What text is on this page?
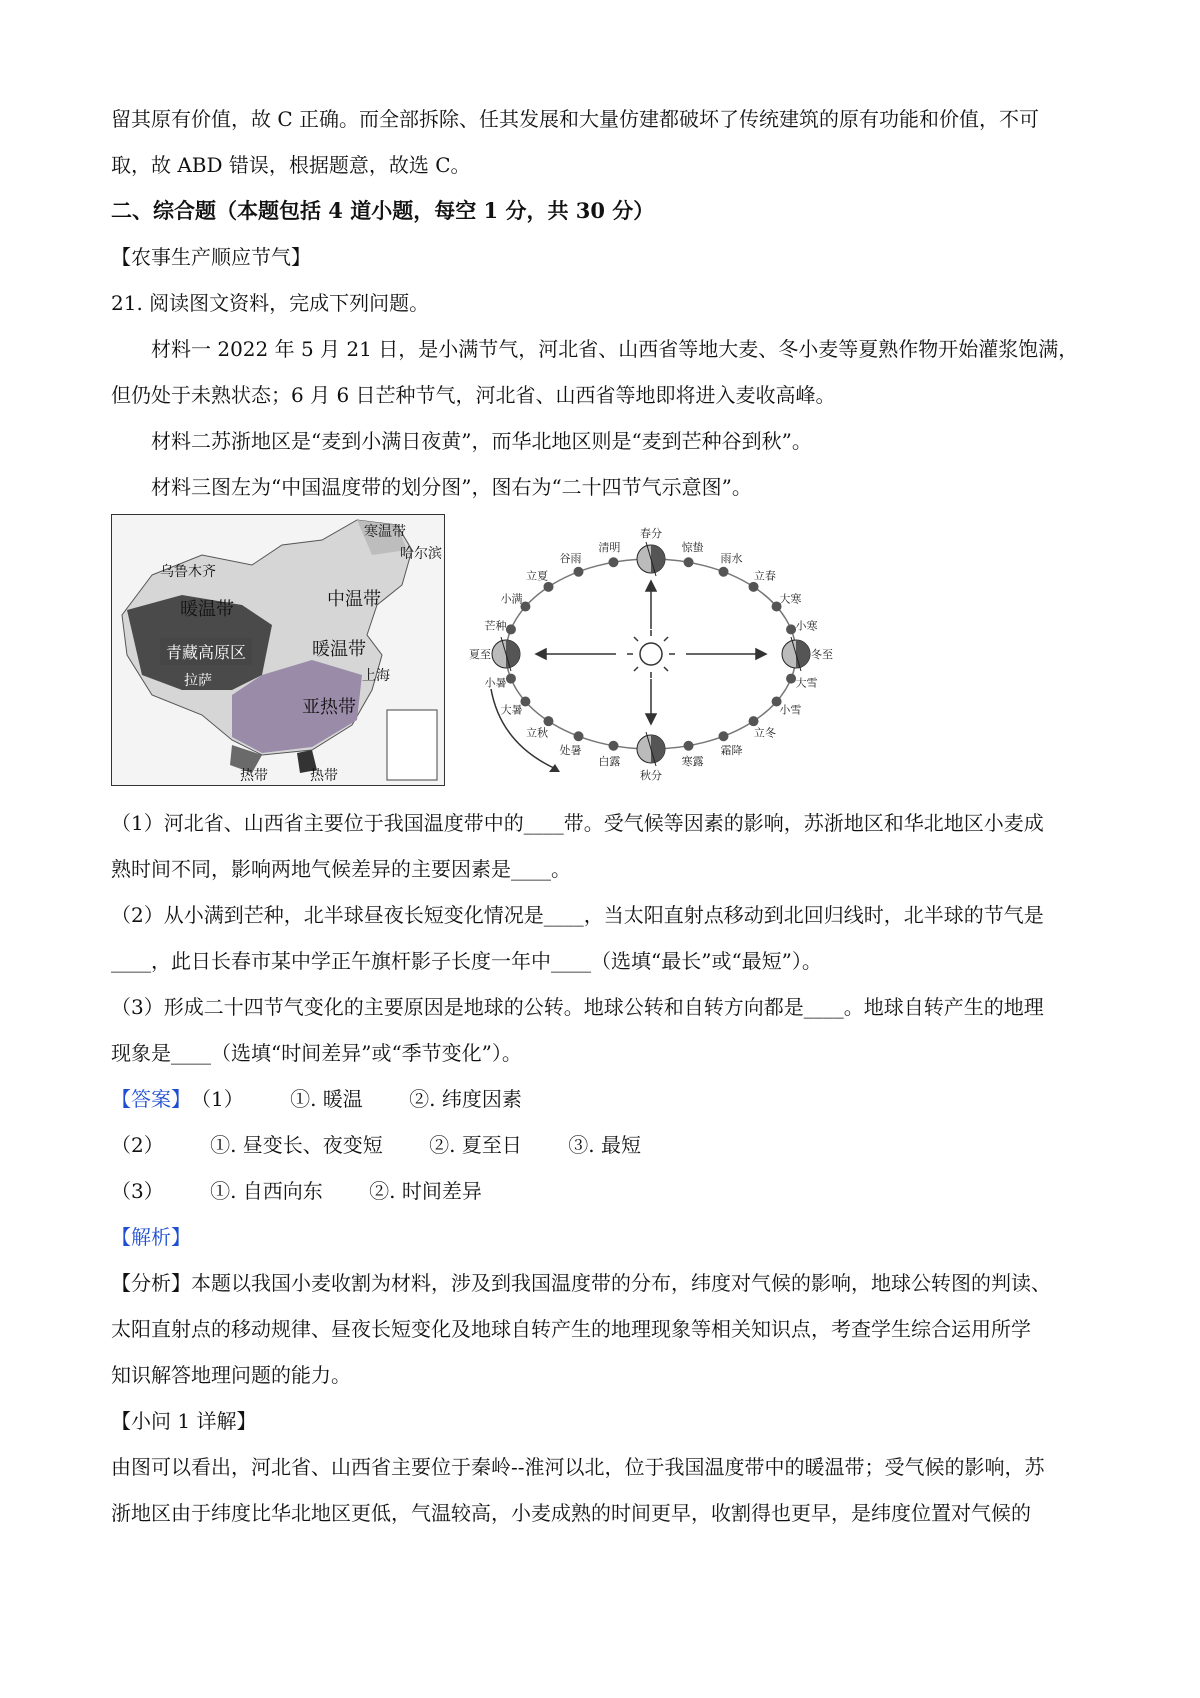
留其原有价值，故 C 正确。而全部拆除、任其发展和大量仿建都破坏了传统建筑的原有功能和价值，不可
取，故 ABD 错误，根据题意，故选 C。
二、综合题（本题包括 4 道小题，每空 1 分，共 30 分）
【农事生产顺应节气】
21. 阅读图文资料，完成下列问题。
材料一 2022 年 5 月 21 日，是小满节气，河北省、山西省等地大麦、冬小麦等夏熟作物开始灌浆饱满，
但仍处于未熟状态；6 月 6 日芒种节气，河北省、山西省等地即将进入麦收高峰。
材料二苏浙地区是“麦到小满日夜黄”，而华北地区则是“麦到芒种谷到秋”。
材料三图左为“中国温度带的划分图”，图右为“二十四节气示意图”。
寒温带
哈尔滨
乌鲁木齐
暖温带	中温带
青藏高原区
拉萨
暖温带
上海
亚热带
热带	热带
春分
清明
谷雨
立夏
小满
芒种
夏至
小暑
大暑
立秋
处暑
白露
秋分
寒露
霜降
立冬
小雪
大雪
冬至
小寒
大寒
立春
雨水
惊蛰
（1）河北省、山西省主要位于我国温度带中的____带。受气候等因素的影响，苏浙地区和华北地区小麦成
熟时间不同，影响两地气候差异的主要因素是____。
（2）从小满到芒种，北半球昼夜长短变化情况是____，当太阳直射点移动到北回归线时，北半球的节气是
____，此日长春市某中学正午旗杆影子长度一年中____（选填“最长”或“最短”）。
（3）形成二十四节气变化的主要原因是地球的公转。地球公转和自转方向都是____。地球自转产生的地理
现象是____（选填“时间差异”或“季节变化”）。
【答案】（1） ①. 暖温 ②. 纬度因素
（2） ①. 昼变长、夜变短 ②. 夏至日 ③. 最短
（3） ①. 自西向东 ②. 时间差异
【解析】
【分析】本题以我国小麦收割为材料，涉及到我国温度带的分布，纬度对气候的影响，地球公转图的判读、
太阳直射点的移动规律、昼夜长短变化及地球自转产生的地理现象等相关知识点，考查学生综合运用所学
知识解答地理问题的能力。
【小问 1 详解】
由图可以看出，河北省、山西省主要位于秦岭--淮河以北，位于我国温度带中的暖温带；受气候的影响，苏
浙地区由于纬度比华北地区更低，气温较高，小麦成熟的时间更早，收割得也更早，是纬度位置对气候的
